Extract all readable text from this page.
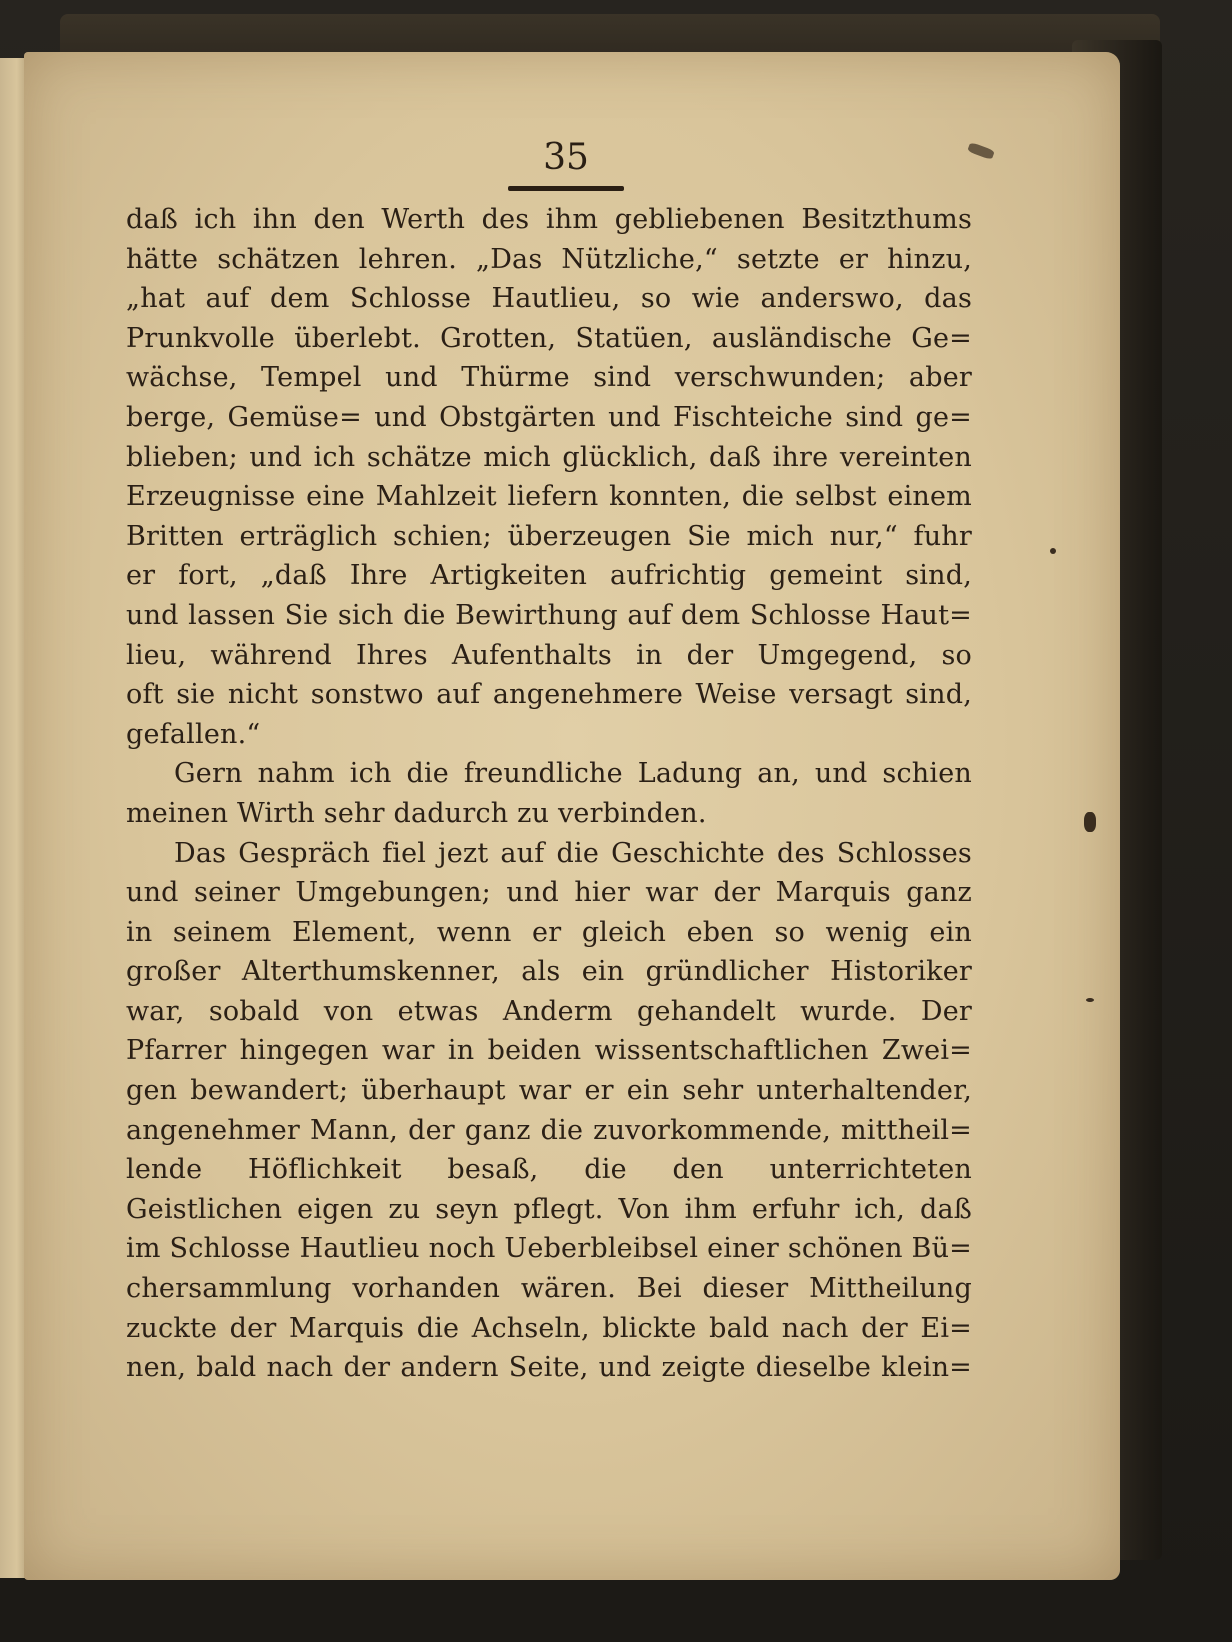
35
daß ich ihn den Werth des ihm gebliebenen Besitzthums
hätte schätzen lehren. „Das Nützliche,“ setzte er hinzu,
„hat auf dem Schlosse Hautlieu, so wie anderswo, das
Prunkvolle überlebt. Grotten, Statüen, ausländische Ge=
wächse, Tempel und Thürme sind verschwunden; aber
berge, Gemüse= und Obstgärten und Fischteiche sind ge=
blieben; und ich schätze mich glücklich, daß ihre vereinten
Erzeugnisse eine Mahlzeit liefern konnten, die selbst einem
Britten erträglich schien; überzeugen Sie mich nur,“ fuhr
er fort, „daß Ihre Artigkeiten aufrichtig gemeint sind,
und lassen Sie sich die Bewirthung auf dem Schlosse Haut=
lieu, während Ihres Aufenthalts in der Umgegend, so
oft sie nicht sonstwo auf angenehmere Weise versagt sind,
gefallen.“
Gern nahm ich die freundliche Ladung an, und schien
meinen Wirth sehr dadurch zu verbinden.
Das Gespräch fiel jezt auf die Geschichte des Schlosses
und seiner Umgebungen; und hier war der Marquis ganz
in seinem Element, wenn er gleich eben so wenig ein
großer Alterthumskenner, als ein gründlicher Historiker
war, sobald von etwas Anderm gehandelt wurde. Der
Pfarrer hingegen war in beiden wissentschaftlichen Zwei=
gen bewandert; überhaupt war er ein sehr unterhaltender,
angenehmer Mann, der ganz die zuvorkommende, mittheil=
lende Höflichkeit besaß, die den unterrichteten
Geistlichen eigen zu seyn pflegt. Von ihm erfuhr ich, daß
im Schlosse Hautlieu noch Ueberbleibsel einer schönen Bü=
chersammlung vorhanden wären. Bei dieser Mittheilung
zuckte der Marquis die Achseln, blickte bald nach der Ei=
nen, bald nach der andern Seite, und zeigte dieselbe klein=
